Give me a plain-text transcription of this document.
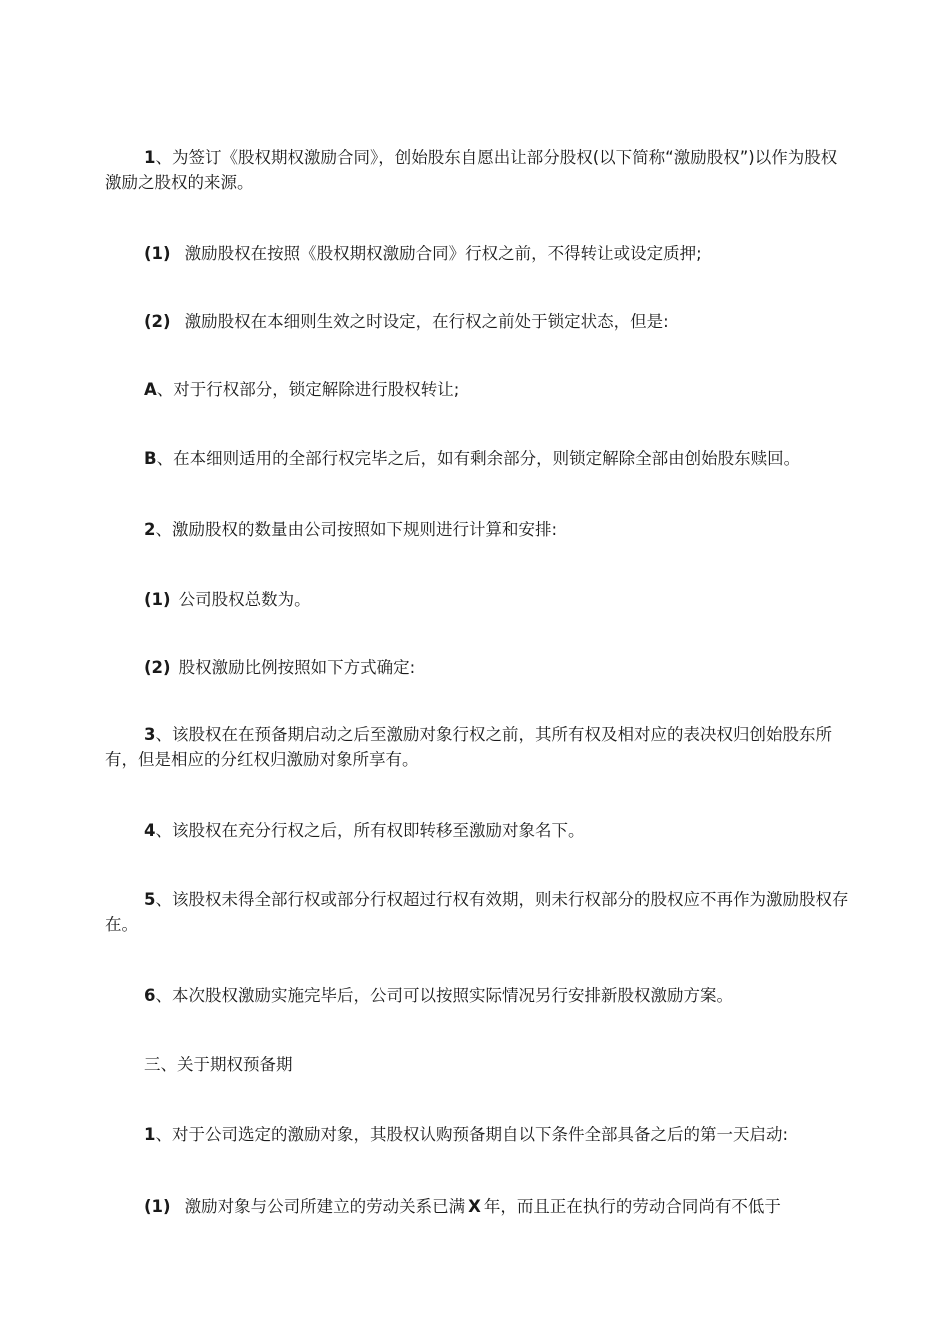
1、为签订《股权期权激励合同》，创始股东自愿出让部分股权(以下简称“激励股权”)以作为股权激励之股权的来源。

(1) 激励股权在按照《股权期权激励合同》行权之前，不得转让或设定质押;

(2) 激励股权在本细则生效之时设定，在行权之前处于锁定状态，但是:

A、对于行权部分，锁定解除进行股权转让;

B、在本细则适用的全部行权完毕之后，如有剩余部分，则锁定解除全部由创始股东赎回。

2、激励股权的数量由公司按照如下规则进行计算和安排:

(1) 公司股权总数为。

(2) 股权激励比例按照如下方式确定:

3、该股权在在预备期启动之后至激励对象行权之前，其所有权及相对应的表决权归创始股东所有，但是相应的分红权归激励对象所享有。

4、该股权在充分行权之后，所有权即转移至激励对象名下。

5、该股权未得全部行权或部分行权超过行权有效期，则未行权部分的股权应不再作为激励股权存在。

6、本次股权激励实施完毕后，公司可以按照实际情况另行安排新股权激励方案。

三、关于期权预备期

1、对于公司选定的激励对象，其股权认购预备期自以下条件全部具备之后的第一天启动:

(1) 激励对象与公司所建立的劳动关系已满 X 年，而且正在执行的劳动合同尚有不低于
